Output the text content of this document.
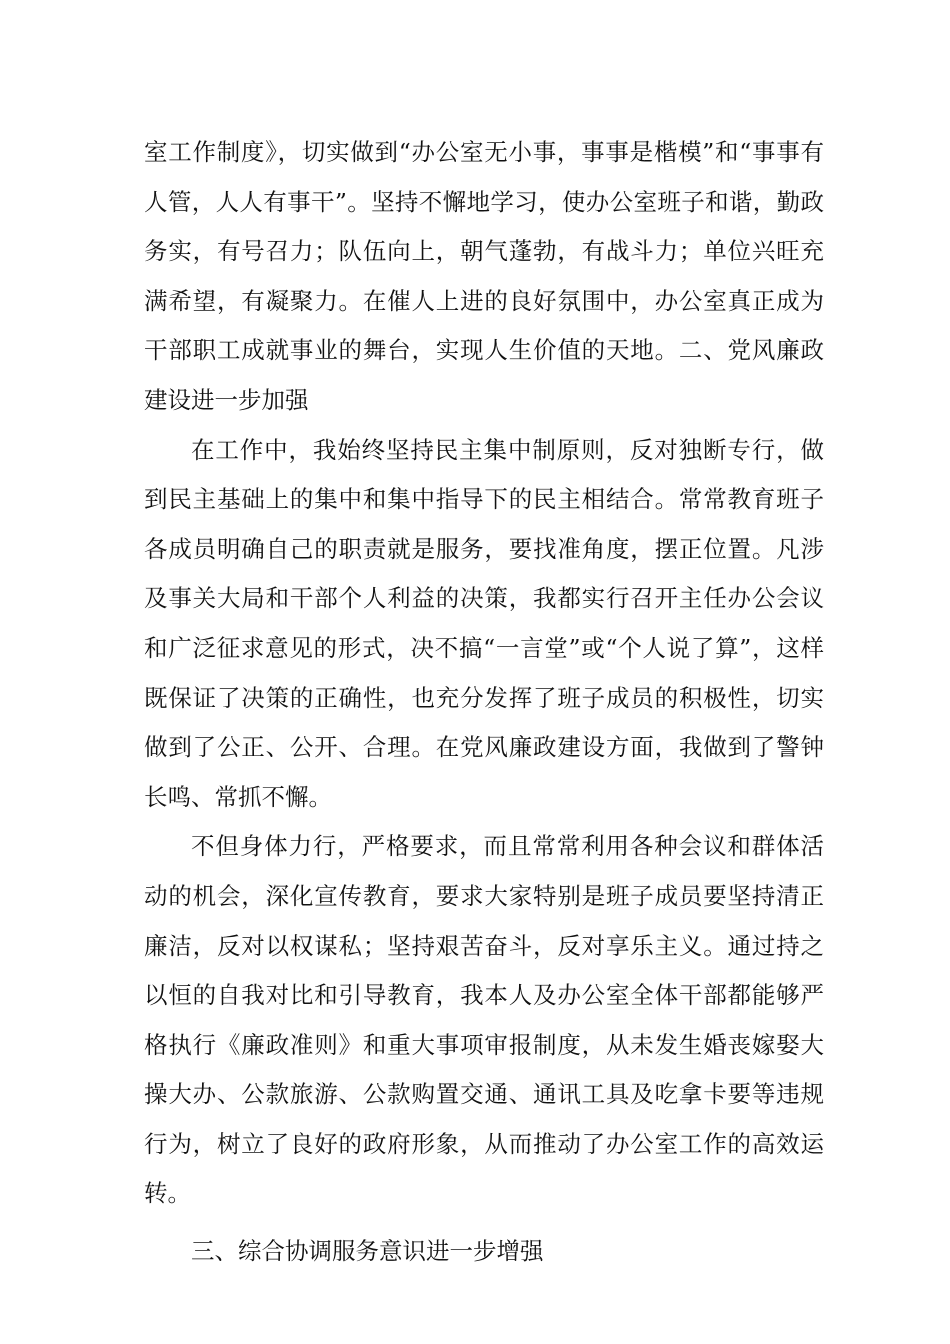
室工作制度》，切实做到“办公室无小事，事事是楷模”和“事事有人管，人人有事干”。坚持不懈地学习，使办公室班子和谐，勤政务实，有号召力；队伍向上，朝气蓬勃，有战斗力；单位兴旺充满希望，有凝聚力。在催人上进的良好氛围中，办公室真正成为干部职工成就事业的舞台，实现人生价值的天地。二、党风廉政建设进一步加强

在工作中，我始终坚持民主集中制原则，反对独断专行，做到民主基础上的集中和集中指导下的民主相结合。常常教育班子各成员明确自己的职责就是服务，要找准角度，摆正位置。凡涉及事关大局和干部个人利益的决策，我都实行召开主任办公会议和广泛征求意见的形式，决不搞“一言堂”或“个人说了算”，这样既保证了决策的正确性，也充分发挥了班子成员的积极性，切实做到了公正、公开、合理。在党风廉政建设方面，我做到了警钟长鸣、常抓不懈。

不但身体力行，严格要求，而且常常利用各种会议和群体活动的机会，深化宣传教育，要求大家特别是班子成员要坚持清正廉洁，反对以权谋私；坚持艰苦奋斗，反对享乐主义。通过持之以恒的自我对比和引导教育，我本人及办公室全体干部都能够严格执行《廉政准则》和重大事项审报制度，从未发生婚丧嫁娶大操大办、公款旅游、公款购置交通、通讯工具及吃拿卡要等违规行为，树立了良好的政府形象，从而推动了办公室工作的高效运转。

三、综合协调服务意识进一步增强
